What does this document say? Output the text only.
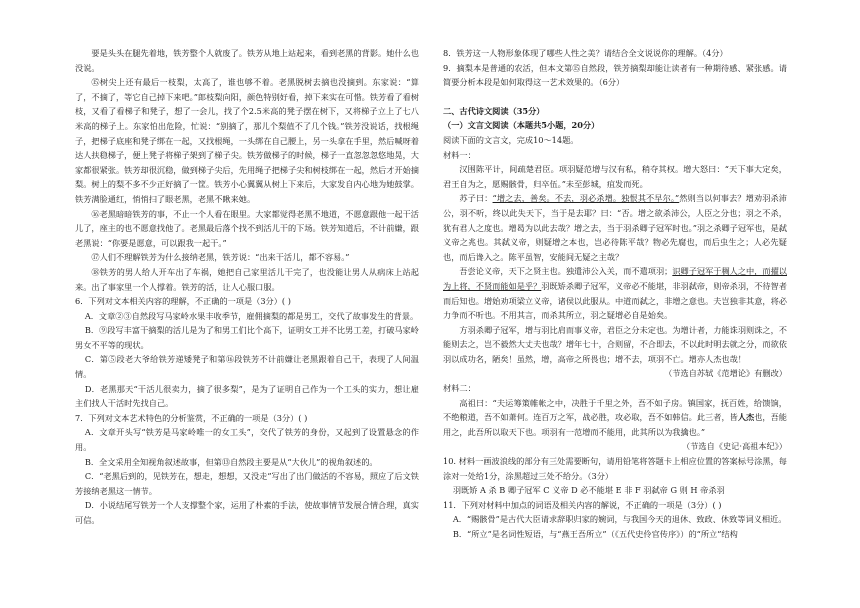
要是头头在腿先着地，铁芳整个人就废了。铁芳从地上站起来，看到老黑的背影。她什么也没说。

⑮树尖上还有最后一枝梨，太高了，谁也够不着。老黑脱树去摘也没摘到。东家说：“算了，不摘了，等它自己掉下来吧。”郎枝梨向阳，颜色特别好看，掉下来实在可惜。铁芳看了看树枝，又看了看梯子和凳子，想了一会儿，找了个2.5米高的凳子摆在树下，又将梯子立上了七八米高的梯子上。东家怕出危险，忙说：“别摘了，那儿个梨值不了几个钱。”铁芳没说话，找根绳子，把梯子底座和凳子绑在一起，又找根绳，一头绑在自己腰上，另一头拿在手里，然后喊呀着达人扶稳梯子，便上凳子将梯子架到了梯子尖。铁芳做梯子的时候，梯子一直忽忽忽悠地晃，大家都很紧张。铁芳却很沉稳，做到梯子尖后，先用绳子把梯子尖和树枝绑在一起，然后才开始摘梨。树上的梨不多不少正好摘了一筐。铁芳小心翼翼从树上下来后，大家发自内心地为她鼓掌。铁芳满脸通红，悄悄扫了眼老黑，老黑不瞅来她。

⑯老黑暗暗铁芳的事，不止一个人看在眼里。大家都觉得老黑不地道，不愿意跟他一起干活儿了，座主的也不愿意找他了。老黑最后落个找不到活儿干的下场。铁芳知道后，不计前嫌，跟老黑说：“你要是愿意，可以跟我一起干。”

⑰人们不理解铁芳为什么接纳老黑，铁芳说：“出来干活儿，都不容易。”

⑱铁芳的男人给人开车出了车祸，她把自己家里活儿干完了，也没能让男人从病床上站起来。出了事家里一个人撑着。铁芳的活，让人心服口服。

6．下列对文本相关内容的理解，不正确的一项是（3分）( )

A．文章②③自然段写马家岭水果丰收季节，雇佣摘梨的都是男工，交代了故事发生的背景。

B．⑨段写丰富干摘梨的活儿是为了和男工们比个高下，证明女工并不比男工差，打破马家岭男女不平等的现状。

C．第⑤段老大爷给铁芳递矮凳子和第⑯段铁芳不计前嫌让老黑跟着自己干，表现了人间温情。

D．老黑那天“干活儿很卖力，摘了很多梨”，是为了证明自己作为一个工头的实力，想让雇主们找人干活时先找自己。

7．下列对文本艺术特色的分析鉴赏，不正确的一项是（3分）( )

A．文章开头写“铁芳是马家岭唯一的女工头”，交代了铁芳的身份，又起到了设置悬念的作用。

B．全文采用全知视角叙述故事，但第⑬自然段主要是从“大伙儿”的视角叙述的。

C．“老黑后到的，见铁芳在，想走，想想，又没走”写出了出门做活的不容易，照应了后文铁芳接纳老黑这一情节。

D．小说结尾写铁芳一个人支撑整个家，运用了朴素的手法，使故事情节发展合情合理，真实可信。

8．铁芳这一人物形象体现了哪些人性之美？请结合全文说说你的理解。（4分）

9．摘梨本是普通的农活，但本文第⑮自然段，铁芳摘梨却能让读者有一种期待感、紧张感。请简要分析本段是如何取得这一艺术效果的。（6分）

二、古代诗文阅读（35分）

（一）文言文阅读（本题共5小题，20分）

阅读下面的文言文，完成10～14题。

材料一：

汉围陈平计，间疏楚君臣。项羽疑范增与汉有私，稍夺其权。增大怒曰：“天下事大定矣，君王自为之，愿赐骸骨，归卒伍。”未至彭城，疽发而死。

苏子曰：“增之去，善矣。不去，羽必杀增。独恨其不早尔。”然则当以何事去？增劝羽杀沛公，羽不听，终以此失天下，当于是去耶？曰：“否。增之欲杀沛公，人臣之分也；羽之不杀，犹有君人之度也。增曷为以此去哉？增之去，当于羽杀卿子冠军时也。”羽之杀卿子冠军也，是弑义帝之兆也。其弑义帝，则疑增之本也，岂必待陈平哉？物必先腐也，而后虫生之；人必先疑也，而后谗入之。陈平虽智，安能间无疑之主哉？

吾尝论义帝，天下之贤主也。独遣沛公入关，而不遣项羽；识卿子冠军于稠人之中，而擢以为上将，不贤而能如是乎？羽既矫杀卿子冠军，义帝必不能堪，非羽弑帝，则帝杀羽，不待智者而后知也。增始劝项梁立义帝，诸侯以此服从。中道而弑之，非增之意也。夫岂独非其意，将必力争而不听也。不用其言，而杀其所立，羽之疑增必自是始矣。

方羽杀卿子冠军，增与羽比肩而事义帝，君臣之分未定也。为增计者，力能诛羽则诛之，不能则去之，岂不毅然大丈夫也哉？增年七十，合则留，不合即去，不以此时明去就之分，而欲依羽以成功名，陋矣！虽然，增，高帝之所畏也；增不去，项羽不亡。增亦人杰也哉！

（节选自苏轼《范增论》有删改）

材料二：

高祖曰：“夫运筹策帷帐之中，决胜于千里之外，吾不如子房。镇国家，抚百姓，给馈饷，不绝粮道，吾不如萧何。连百万之军，战必胜，攻必取，吾不如韩信。此三者，皆人杰也，吾能用之，此吾所以取天下也。项羽有一范增而不能用，此其所以为我擒也。”

（节选自《史记·高祖本纪》）

10. 材料一画波浪线的部分有三处需要断句，请用铅笔将答题卡上相应位置的答案标号涂黑，每涂对一处给1分，涂黑超过三处不给分。（3分）

羽既矫 A 杀 B 卿子冠军 C 义帝 D 必不能堪 E 非 F 羽弑帝 G 则 H 帝杀羽

11．下列对材料中加点的词语及相关内容的解说，不正确的一项是（3分）( )

A．“赐骸骨”是古代大臣请求辞职归家的婉词，与我国今天的退休、致政、休致等词义相近。

B．“所立”是名词性短语，与“燕王吾所立”（《五代史伶官传序》）的“所立”结构
